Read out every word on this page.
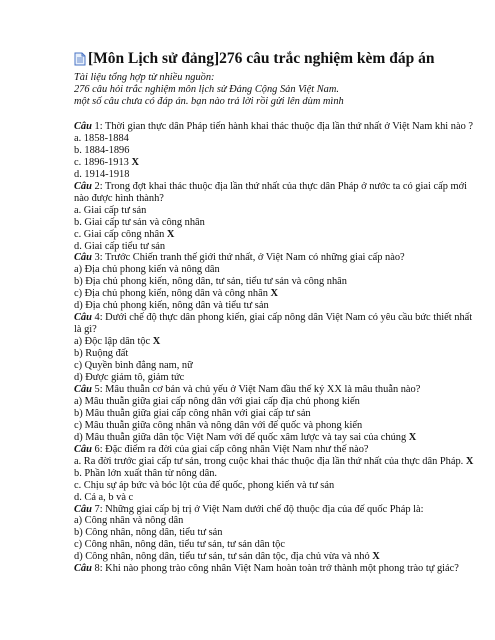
[Môn Lịch sử đảng]276 câu trắc nghiệm kèm đáp án

Tài liệu tổng hợp từ nhiều nguồn:

276 câu hỏi trắc nghiệm môn lịch sử Đảng Cộng Sản Việt Nam.

một số câu chưa có đáp án. bạn nào trả lời rồi gửi lên dùm mình

Câu 1: Thời gian thực dân Pháp tiến hành khai thác thuộc địa lần thứ nhất ở Việt Nam khi nào ?

a. 1858-1884

b. 1884-1896

c. 1896-1913 X

d. 1914-1918

Câu 2: Trong đợt khai thác thuộc địa lần thứ nhất của thực dân Pháp ở nước ta có giai cấp mới nào được hình thành?

a. Giai cấp tư sản

b. Giai cấp tư sản và công nhân

c. Giai cấp công nhân X

d. Giai cấp tiểu tư sản

Câu 3: Trước Chiến tranh thế giới thứ nhất, ở Việt Nam có những giai cấp nào?

a) Địa chủ phong kiến và nông dân

b) Địa chủ phong kiến, nông dân, tư sản, tiểu tư sản và công nhân

c) Địa chủ phong kiến, nông dân và công nhân X

d) Địa chủ phong kiến, nông dân và tiểu tư sản

Câu 4: Dưới chế độ thực dân phong kiến, giai cấp nông dân Việt Nam có yêu cầu bức thiết nhất là gì?

a) Độc lập dân tộc X

b) Ruộng đất

c) Quyền bình đẳng nam, nữ

d) Được giảm tô, giảm tức

Câu 5: Mâu thuẫn cơ bản và chủ yếu ở Việt Nam đầu thế kỷ XX là mâu thuẫn nào?

a) Mâu thuẫn giữa giai cấp nông dân với giai cấp địa chủ phong kiến

b) Mâu thuẫn giữa giai cấp công nhân với giai cấp tư sản

c) Mâu thuẫn giữa công nhân và nông dân với đế quốc và phong kiến

d) Mâu thuẫn giữa dân tộc Việt Nam với đế quốc xâm lược và tay sai của chúng X

Câu 6: Đặc điểm ra đời của giai cấp công nhân Việt Nam như thế nào?

a. Ra đời trước giai cấp tư sản, trong cuộc khai thác thuộc địa lần thứ nhất của thực dân Pháp. X

b. Phần lớn xuất thân từ nông dân.

c. Chịu sự áp bức và bóc lột của đế quốc, phong kiến và tư sản

d. Cả a, b và c

Câu 7: Những giai cấp bị trị ở Việt Nam dưới chế độ thuộc địa của đế quốc Pháp là:

a) Công nhân và nông dân

b) Công nhân, nông dân, tiểu tư sản

c) Công nhân, nông dân, tiểu tư sản, tư sản dân tộc

d) Công nhân, nông dân, tiểu tư sản, tư sản dân tộc, địa chủ vừa và nhỏ X

Câu 8: Khi nào phong trào công nhân Việt Nam hoàn toàn trở thành một phong trào tự giác?
